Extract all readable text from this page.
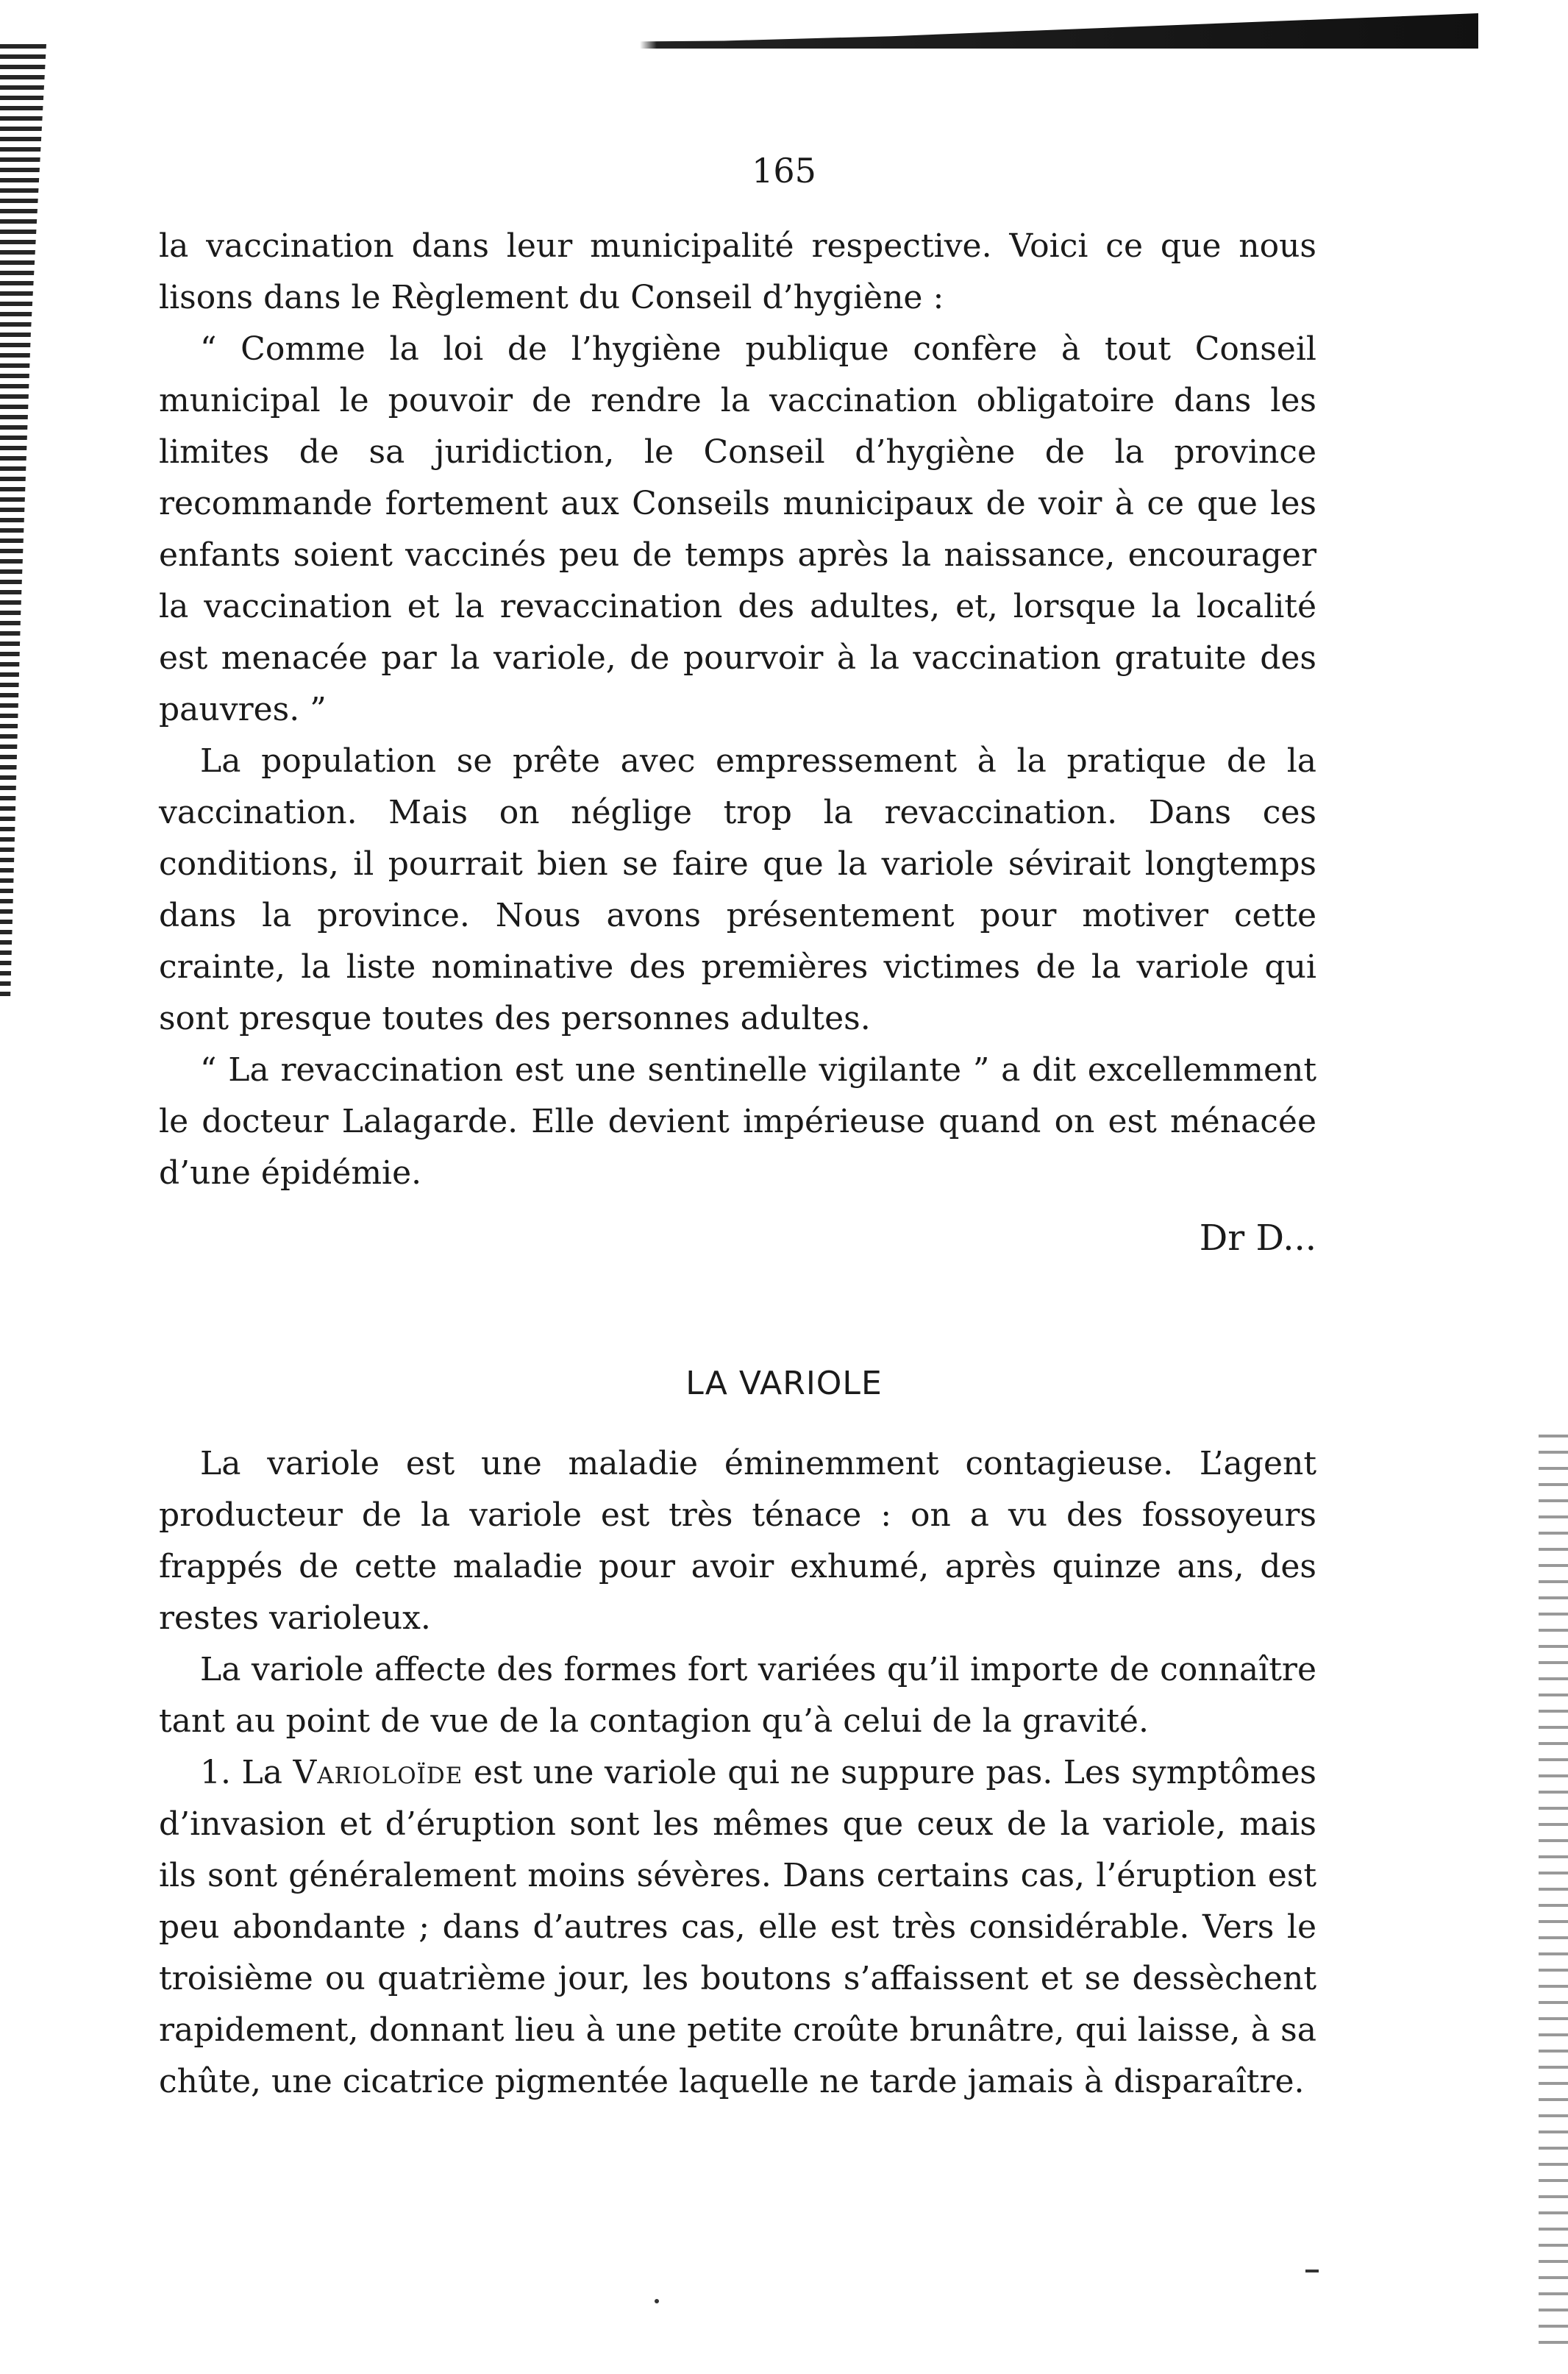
165

la vaccination dans leur municipalité respective. Voici ce que nous lisons dans le Règlement du Conseil d’hygiène :

“ Comme la loi de l’hygiène publique confère à tout Conseil municipal le pouvoir de rendre la vaccination obligatoire dans les limites de sa juridiction, le Conseil d’hygiène de la province recommande fortement aux Conseils municipaux de voir à ce que les enfants soient vaccinés peu de temps après la naissance, encourager la vaccination et la revaccination des adultes, et, lorsque la localité est menacée par la variole, de pourvoir à la vaccination gratuite des pauvres. ”

La population se prête avec empressement à la pratique de la vaccination. Mais on néglige trop la revaccination. Dans ces conditions, il pourrait bien se faire que la variole sévirait longtemps dans la province. Nous avons présentement pour motiver cette crainte, la liste nominative des premières victimes de la variole qui sont presque toutes des personnes adultes.

“ La revaccination est une sentinelle vigilante ” a dit excellemment le docteur Lalagarde. Elle devient impérieuse quand on est ménacée d’une épidémie.

Dr D...
LA VARIOLE

La variole est une maladie éminemment contagieuse. L’agent producteur de la variole est très ténace : on a vu des fossoyeurs frappés de cette maladie pour avoir exhumé, après quinze ans, des restes varioleux.

La variole affecte des formes fort variées qu’il importe de connaître tant au point de vue de la contagion qu’à celui de la gravité.

1. La Varioloïde est une variole qui ne suppure pas. Les symptômes d’invasion et d’éruption sont les mêmes que ceux de la variole, mais ils sont généralement moins sévères. Dans certains cas, l’éruption est peu abondante ; dans d’autres cas, elle est très considérable. Vers le troisième ou quatrième jour, les boutons s’affaissent et se dessèchent rapidement, donnant lieu à une petite croûte brunâtre, qui laisse, à sa chûte, une cicatrice pigmentée laquelle ne tarde jamais à disparaître.
